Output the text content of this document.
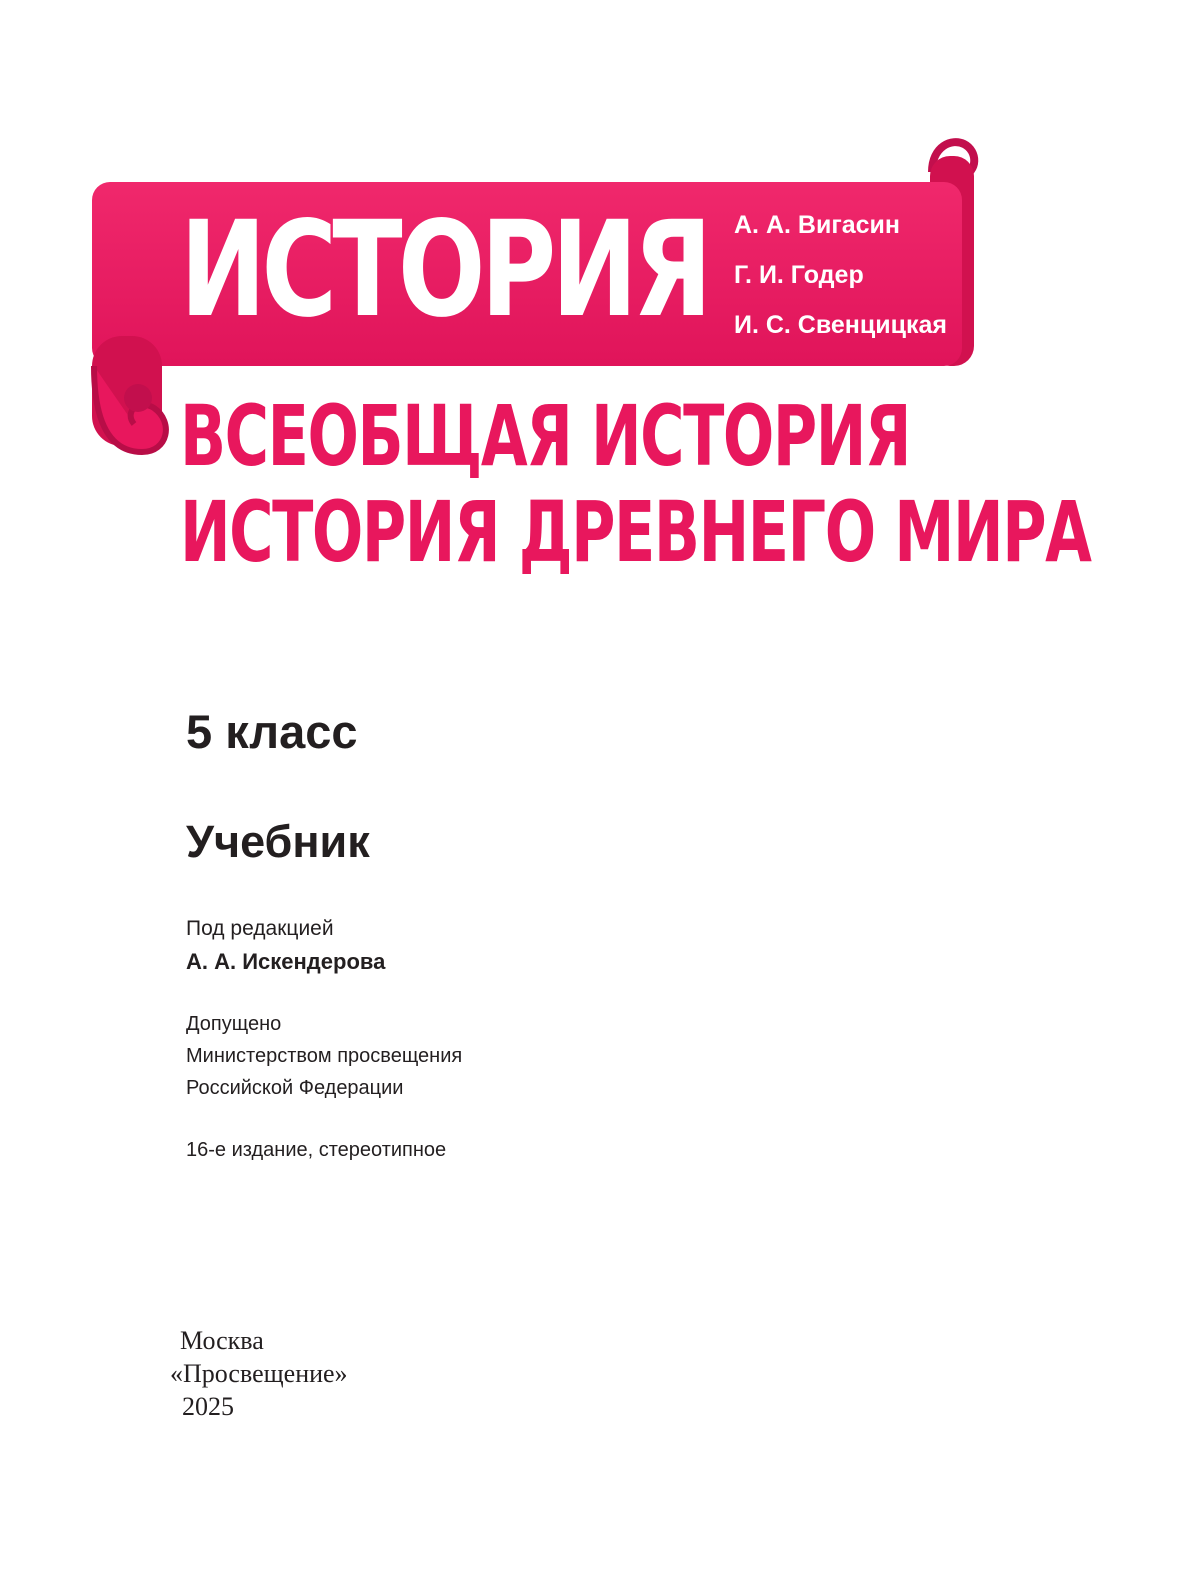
ИСТОРИЯ А. А. Вигасин
Г. И. Годер
И. С. Свенцицкая
ВСЕОБЩАЯ ИСТОРИЯ
ИСТОРИЯ ДРЕВНЕГО МИРА
5 класс
Учебник
Под редакцией
А. А. Искендерова
Допущено
Министерством просвещения
Российской Федерации
16-е издание, стереотипное
Москва
«Просвещение»
2025
